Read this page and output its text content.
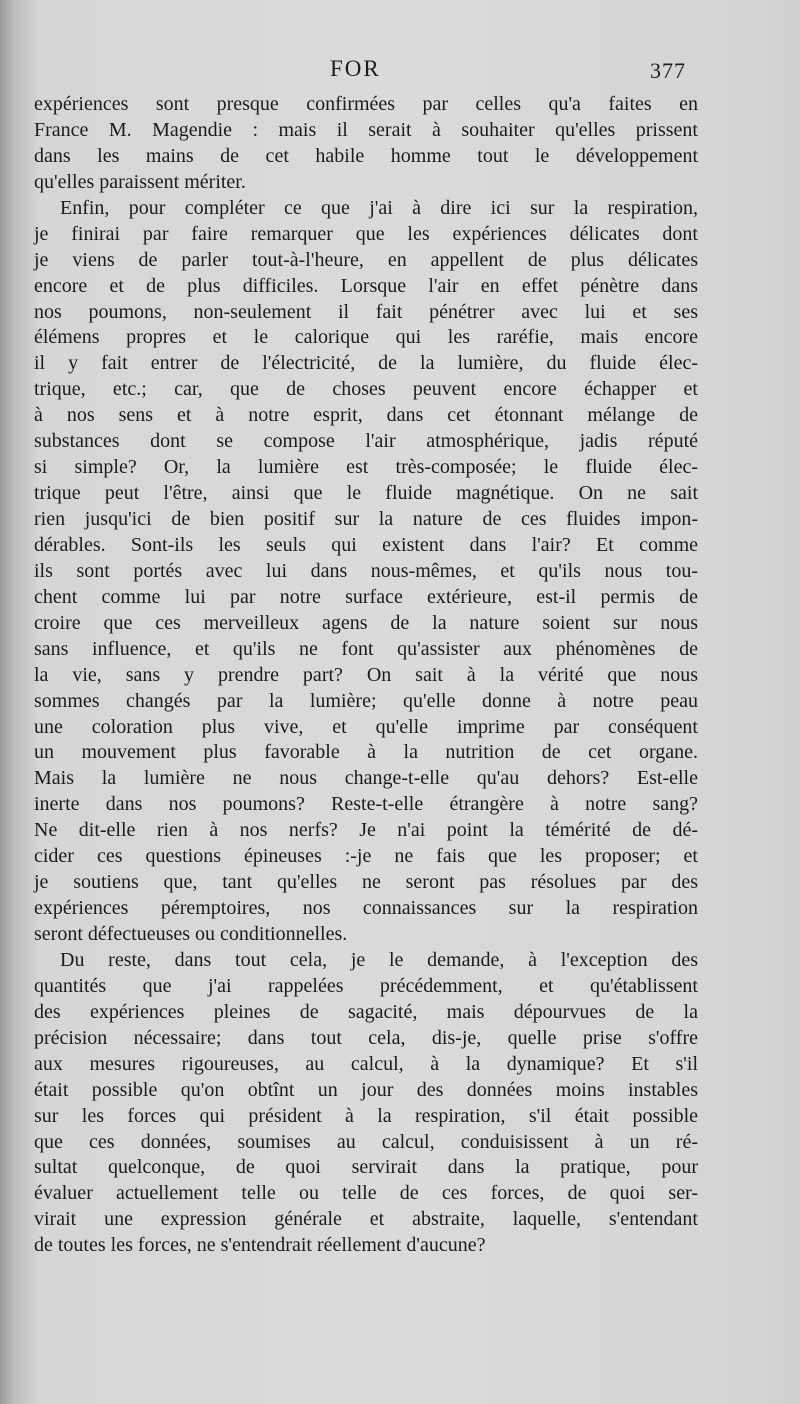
FOR	377
expériences sont presque confirmées par celles qu'a faites en
France M. Magendie : mais il serait à souhaiter qu'elles prissent
dans les mains de cet habile homme tout le développement
qu'elles paraissent mériter.
Enfin, pour compléter ce que j'ai à dire ici sur la respiration,
je finirai par faire remarquer que les expériences délicates dont
je viens de parler tout-à-l'heure, en appellent de plus délicates
encore et de plus difficiles. Lorsque l'air en effet pénètre dans
nos poumons, non-seulement il fait pénétrer avec lui et ses
élémens propres et le calorique qui les raréfie, mais encore
il y fait entrer de l'électricité, de la lumière, du fluide élec-
trique, etc.; car, que de choses peuvent encore échapper et
à nos sens et à notre esprit, dans cet étonnant mélange de
substances dont se compose l'air atmosphérique, jadis réputé
si simple? Or, la lumière est très-composée; le fluide élec-
trique peut l'être, ainsi que le fluide magnétique. On ne sait
rien jusqu'ici de bien positif sur la nature de ces fluides impon-
dérables. Sont-ils les seuls qui existent dans l'air? Et comme
ils sont portés avec lui dans nous-mêmes, et qu'ils nous tou-
chent comme lui par notre surface extérieure, est-il permis de
croire que ces merveilleux agens de la nature soient sur nous
sans influence, et qu'ils ne font qu'assister aux phénomènes de
la vie, sans y prendre part? On sait à la vérité que nous
sommes changés par la lumière; qu'elle donne à notre peau
une coloration plus vive, et qu'elle imprime par conséquent
un mouvement plus favorable à la nutrition de cet organe.
Mais la lumière ne nous change-t-elle qu'au dehors? Est-elle
inerte dans nos poumons? Reste-t-elle étrangère à notre sang?
Ne dit-elle rien à nos nerfs? Je n'ai point la témérité de dé-
cider ces questions épineuses :-je ne fais que les proposer; et
je soutiens que, tant qu'elles ne seront pas résolues par des
expériences péremptoires, nos connaissances sur la respiration
seront défectueuses ou conditionnelles.
Du reste, dans tout cela, je le demande, à l'exception des
quantités que j'ai rappelées précédemment, et qu'établissent
des expériences pleines de sagacité, mais dépourvues de la
précision nécessaire; dans tout cela, dis-je, quelle prise s'offre
aux mesures rigoureuses, au calcul, à la dynamique? Et s'il
était possible qu'on obtînt un jour des données moins instables
sur les forces qui président à la respiration, s'il était possible
que ces données, soumises au calcul, conduisissent à un ré-
sultat quelconque, de quoi servirait dans la pratique, pour
évaluer actuellement telle ou telle de ces forces, de quoi ser-
virait une expression générale et abstraite, laquelle, s'entendant
de toutes les forces, ne s'entendrait réellement d'aucune?
